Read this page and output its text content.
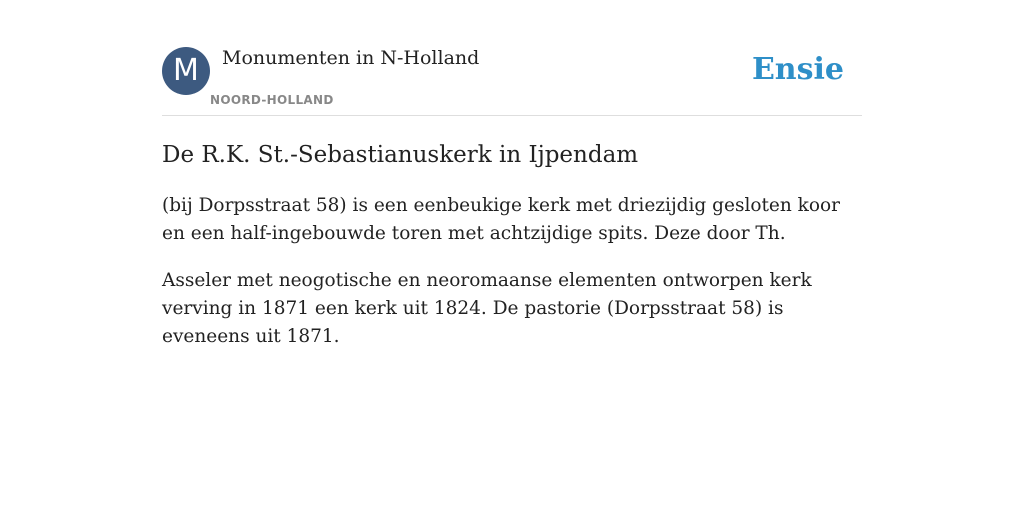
M	Monumenten in N-Holland
NOORD-HOLLAND
Ensie
De R.K. St.-Sebastianuskerk in Ijpendam

(bij Dorpsstraat 58) is een eenbeukige kerk met driezijdig gesloten koor en een half-ingebouwde toren met achtzijdige spits. Deze door Th.

Asseler met neogotische en neoromaanse elementen ontworpen kerk verving in 1871 een kerk uit 1824. De pastorie (Dorpsstraat 58) is eveneens uit 1871.
